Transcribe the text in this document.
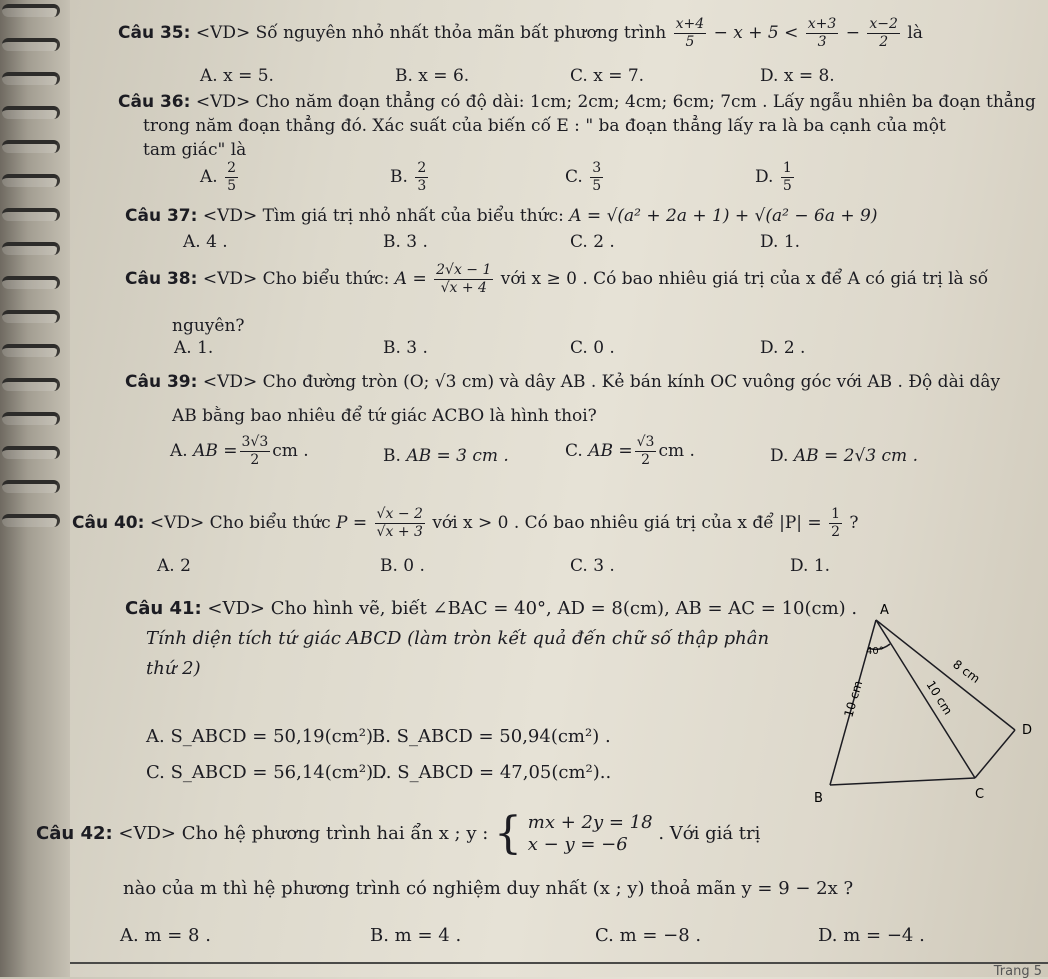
Câu 35: <VD> Số nguyên nhỏ nhất thỏa mãn bất phương trình $\frac{x+4}{5} - x + 5 < \frac{x+3}{3} - \frac{x-2}{2}$ là
A. x = 5.	B. x = 6.	C. x = 7.	D. x = 8.
Câu 36: <VD> Cho năm đoạn thẳng có độ dài: 1cm; 2cm; 4cm; 6cm; 7cm . Lấy ngẫu nhiên ba đoạn thẳng
trong năm đoạn thẳng đó. Xác suất của biến cố E : " ba đoạn thẳng lấy ra là ba cạnh của một
tam giác" là
A. $\frac{2}{5}$	B. $\frac{2}{3}$	C. $\frac{3}{5}$	D. $\frac{1}{5}$
Câu 37: <VD> Tìm giá trị nhỏ nhất của biểu thức: A = √(a² + 2a + 1) + √(a² − 6a + 9)
A. 4 .	B. 3 .	C. 2 .	D. 1.
Câu 38: <VD> Cho biểu thức: $A = \frac{2√x - 1}{√x + 4}$ với x ≥ 0 . Có bao nhiêu giá trị của x để A có giá trị là số
nguyên?
A. 1.	B. 3 .	C. 0 .	D. 2 .
Câu 39: <VD> Cho đường tròn (O; √3 cm) và dây AB . Kẻ bán kính OC vuông góc với AB . Độ dài dây
AB bằng bao nhiêu để tứ giác ACBO là hình thoi?
A. AB = $\frac{3√3}{2}$ cm .	B. AB = 3 cm .	C. AB = $\frac{√3}{2}$ cm .	D. AB = 2√3 cm .
Câu 40: <VD> Cho biểu thức $P = \frac{√x - 2}{√x + 3}$ với x > 0 . Có bao nhiêu giá trị của x để $|P| = \frac{1}{2}$ ?
A. 2	B. 0 .	C. 3 .	D. 1.
Câu 41: <VD> Cho hình vẽ, biết ∠BAC = 40°, AD = 8(cm), AB = AC = 10(cm) .
Tính diện tích tứ giác ABCD (làm tròn kết quả đến chữ số thập phân
thứ 2)
A. S_ABCD = 50,19(cm²) .
B. S_ABCD = 50,94(cm²) .
C. S_ABCD = 56,14(cm²) .
D. S_ABCD = 47,05(cm²)..
A
B	C
D
40°
8 cm
10 cm
10 cm
Câu 42: <VD> Cho hệ phương trình hai ẩn x ; y : { mx + 2y = 18
x − y = −6
. Với giá trị
nào của m thì hệ phương trình có nghiệm duy nhất (x ; y) thoả mãn y = 9 − 2x ?
A. m = 8 .	B. m = 4 .	C. m = −8 .	D. m = −4 .
Trang 5
